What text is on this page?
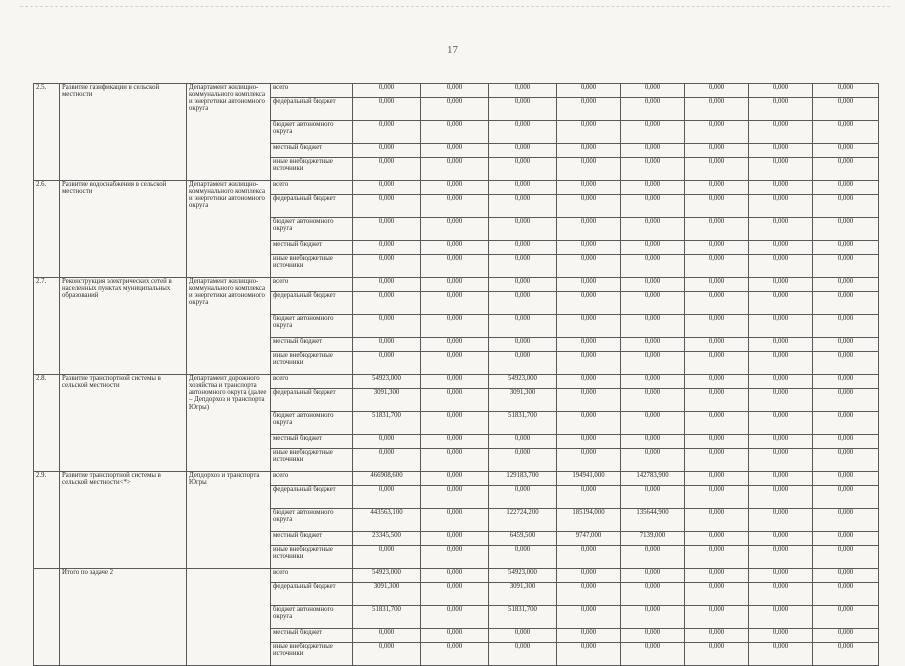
17
2.5.	Развитие газификации в сельской местности	Департамент жилищно-коммунального комплекса и энергетики автономного округа	всего	0,000	0,000	0,000	0,000	0,000	0,000	0,000	0,000
			федеральный бюджет	0,000	0,000	0,000	0,000	0,000	0,000	0,000	0,000
			бюджет автономного округа	0,000	0,000	0,000	0,000	0,000	0,000	0,000	0,000
			местный бюджет	0,000	0,000	0,000	0,000	0,000	0,000	0,000	0,000
			иные внебюджетные источники	0,000	0,000	0,000	0,000	0,000	0,000	0,000	0,000
2.6.	Развитие водоснабжения в сельской местности	Департамент жилищно-коммунального комплекса и энергетики автономного округа	всего	0,000	0,000	0,000	0,000	0,000	0,000	0,000	0,000
			федеральный бюджет	0,000	0,000	0,000	0,000	0,000	0,000	0,000	0,000
			бюджет автономного округа	0,000	0,000	0,000	0,000	0,000	0,000	0,000	0,000
			местный бюджет	0,000	0,000	0,000	0,000	0,000	0,000	0,000	0,000
			иные внебюджетные источники	0,000	0,000	0,000	0,000	0,000	0,000	0,000	0,000
2.7.	Реконструкция электрических сетей в населенных пунктах муниципальных образований	Департамент жилищно-коммунального комплекса и энергетики автономного округа	всего	0,000	0,000	0,000	0,000	0,000	0,000	0,000	0,000
			федеральный бюджет	0,000	0,000	0,000	0,000	0,000	0,000	0,000	0,000
			бюджет автономного округа	0,000	0,000	0,000	0,000	0,000	0,000	0,000	0,000
			местный бюджет	0,000	0,000	0,000	0,000	0,000	0,000	0,000	0,000
			иные внебюджетные источники	0,000	0,000	0,000	0,000	0,000	0,000	0,000	0,000
2.8.	Развитие транспортной системы в сельской местности	Департамент дорожного хозяйства и транспорта автономного округа (далее – Депдорхоз и транспорта Югры)	всего	54923,000	0,000	54923,000	0,000	0,000	0,000	0,000	0,000
			федеральный бюджет	3091,300	0,000	3091,300	0,000	0,000	0,000	0,000	0,000
			бюджет автономного округа	51831,700	0,000	51831,700	0,000	0,000	0,000	0,000	0,000
			местный бюджет	0,000	0,000	0,000	0,000	0,000	0,000	0,000	0,000
			иные внебюджетные источники	0,000	0,000	0,000	0,000	0,000	0,000	0,000	0,000
2.9.	Развитие транспортной системы в сельской местности<*>	Депдорхоз и транспорта Югры	всего	466908,600	0,000	129183,700	194941,000	142783,900	0,000	0,000	0,000
			федеральный бюджет	0,000	0,000	0,000	0,000	0,000	0,000	0,000	0,000
			бюджет автономного округа	443563,100	0,000	122724,200	185194,000	135644,900	0,000	0,000	0,000
			местный бюджет	23345,500	0,000	6459,500	9747,000	7139,000	0,000	0,000	0,000
			иные внебюджетные источники	0,000	0,000	0,000	0,000	0,000	0,000	0,000	0,000
	Итого по задаче 2		всего	54923,000	0,000	54923,000	0,000	0,000	0,000	0,000	0,000
			федеральный бюджет	3091,300	0,000	3091,300	0,000	0,000	0,000	0,000	0,000
			бюджет автономного округа	51831,700	0,000	51831,700	0,000	0,000	0,000	0,000	0,000
			местный бюджет	0,000	0,000	0,000	0,000	0,000	0,000	0,000	0,000
			иные внебюджетные источники	0,000	0,000	0,000	0,000	0,000	0,000	0,000	0,000
